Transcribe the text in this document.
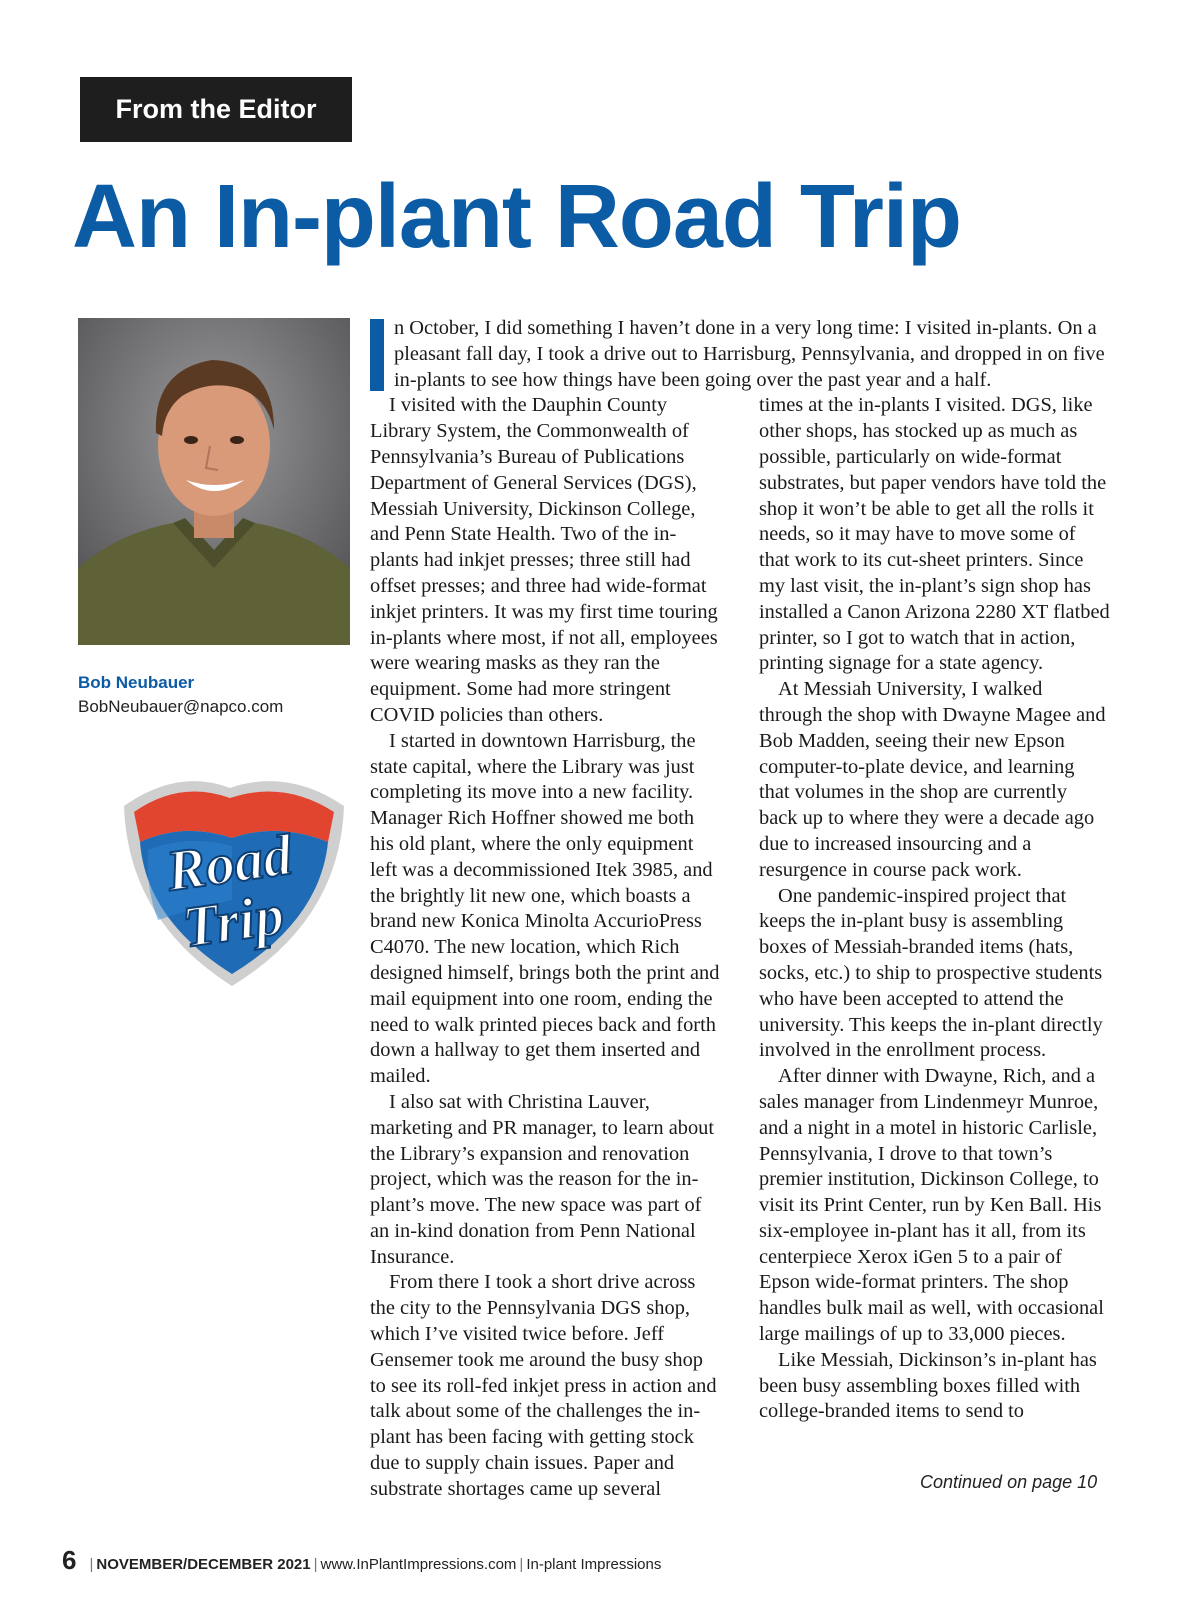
From the Editor
An In-plant Road Trip
Bob Neubauer
BobNeubauer@napco.com
Road
Trip

n October, I did something I haven’t done in a very long time: I visited in-plants. On a pleasant fall day, I took a drive out to Harrisburg, Pennsylvania, and dropped in on five in-plants to see how things have been going over the past year and a half.

I visited with the Dauphin County Library System, the Commonwealth of Pennsylvania’s Bureau of Publications Department of General Services (DGS), Messiah University, Dickinson College, and Penn State Health. Two of the in-plants had inkjet presses; three still had offset presses; and three had wide-format inkjet printers. It was my first time touring in-plants where most, if not all, employees were wearing masks as they ran the equipment. Some had more stringent COVID policies than others.

I started in downtown Harrisburg, the state capital, where the Library was just completing its move into a new facility. Manager Rich Hoffner showed me both his old plant, where the only equipment left was a decommissioned Itek 3985, and the brightly lit new one, which boasts a brand new Konica Minolta AccurioPress C4070. The new location, which Rich designed himself, brings both the print and mail equipment into one room, ending the need to walk printed pieces back and forth down a hallway to get them inserted and mailed.

I also sat with Christina Lauver, marketing and PR manager, to learn about the Library’s expansion and renovation project, which was the reason for the in-plant’s move. The new space was part of an in-kind donation from Penn National Insurance.

From there I took a short drive across the city to the Pennsylvania DGS shop, which I’ve visited twice before. Jeff Gensemer took me around the busy shop to see its roll-fed inkjet press in action and talk about some of the challenges the in-plant has been facing with getting stock due to supply chain issues. Paper and substrate shortages came up several

times at the in-plants I visited. DGS, like other shops, has stocked up as much as possible, particularly on wide-format substrates, but paper vendors have told the shop it won’t be able to get all the rolls it needs, so it may have to move some of that work to its cut-sheet printers. Since my last visit, the in-plant’s sign shop has installed a Canon Arizona 2280 XT flatbed printer, so I got to watch that in action, printing signage for a state agency.

At Messiah University, I walked through the shop with Dwayne Magee and Bob Madden, seeing their new Epson computer-to-plate device, and learning that volumes in the shop are currently back up to where they were a decade ago due to increased insourcing and a resurgence in course pack work.

One pandemic-inspired project that keeps the in-plant busy is assembling boxes of Messiah-branded items (hats, socks, etc.) to ship to prospective students who have been accepted to attend the university. This keeps the in-plant directly involved in the enrollment process.

After dinner with Dwayne, Rich, and a sales manager from Lindenmeyr Munroe, and a night in a motel in historic Carlisle, Pennsylvania, I drove to that town’s premier institution, Dickinson College, to visit its Print Center, run by Ken Ball. His six-employee in-plant has it all, from its centerpiece Xerox iGen 5 to a pair of Epson wide-format printers. The shop handles bulk mail as well, with occasional large mailings of up to 33,000 pieces.

Like Messiah, Dickinson’s in-plant has been busy assembling boxes filled with college-branded items to send to

Continued on page 10
6 | NOVEMBER/DECEMBER 2021 | www.InPlantImpressions.com | In-plant Impressions
